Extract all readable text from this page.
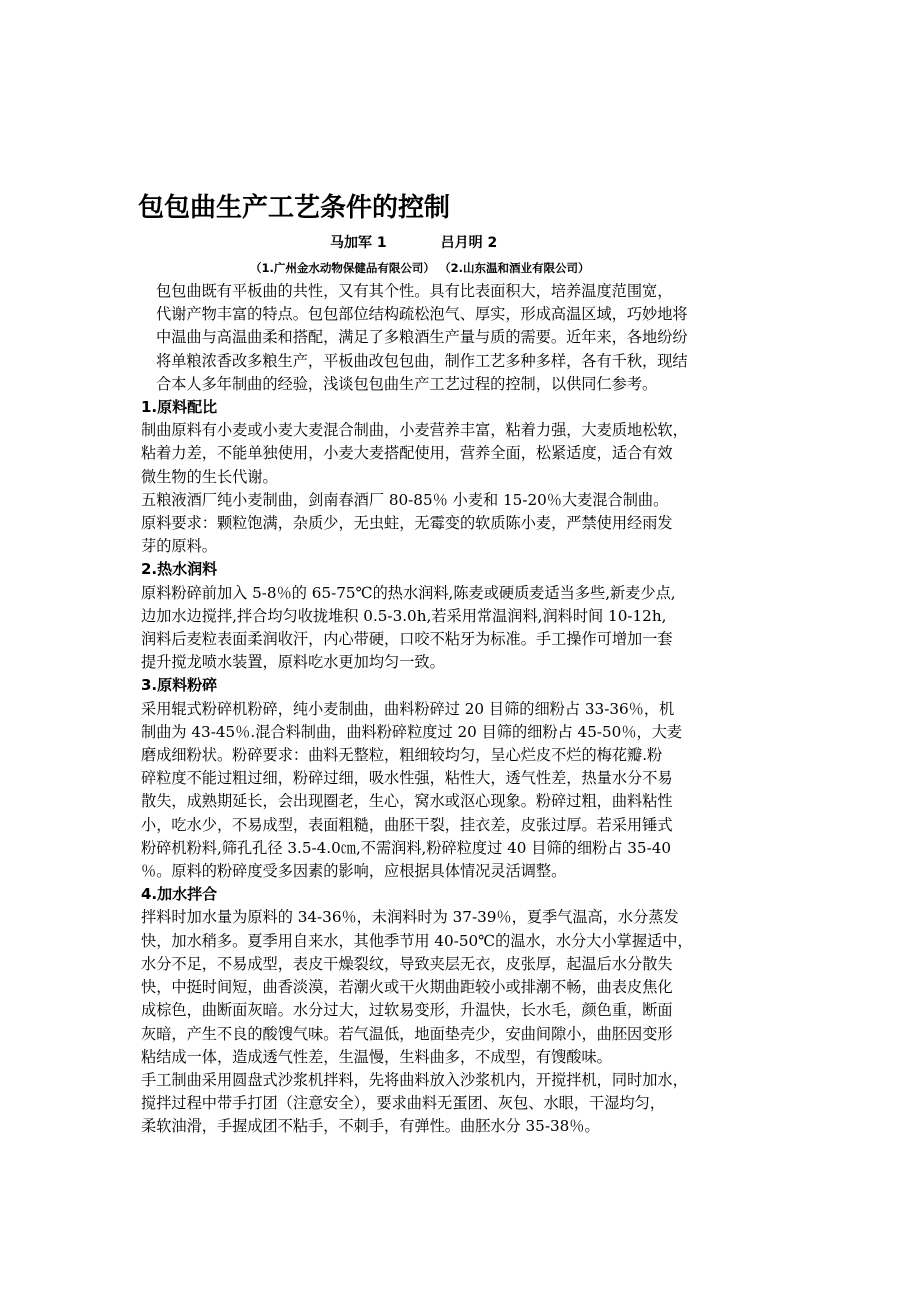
包包曲生产工艺条件的控制

马加军 1	吕月明 2

（1.广州金水动物保健品有限公司） （2.山东温和酒业有限公司）

包包曲既有平板曲的共性，又有其个性。具有比表面积大，培养温度范围宽，
代谢产物丰富的特点。包包部位结构疏松泡气、厚实，形成高温区域，巧妙地将
中温曲与高温曲柔和搭配，满足了多粮酒生产量与质的需要。近年来，各地纷纷
将单粮浓香改多粮生产，平板曲改包包曲，制作工艺多种多样，各有千秋，现结
合本人多年制曲的经验，浅谈包包曲生产工艺过程的控制，以供同仁参考。

1.原料配比

制曲原料有小麦或小麦大麦混合制曲，小麦营养丰富，粘着力强，大麦质地松软，
粘着力差，不能单独使用，小麦大麦搭配使用，营养全面，松紧适度，适合有效
微生物的生长代谢。

五粮液酒厂纯小麦制曲，剑南春酒厂 80-85％ 小麦和 15-20％大麦混合制曲。

原料要求：颗粒饱满，杂质少，无虫蛀，无霉变的软质陈小麦，严禁使用经雨发
芽的原料。

2.热水润料

原料粉碎前加入 5-8％的 65-75℃的热水润料,陈麦或硬质麦适当多些,新麦少点,
边加水边搅拌,拌合均匀收拢堆积 0.5-3.0h,若采用常温润料,润料时间 10-12h,
润料后麦粒表面柔润收汗，内心带硬，口咬不粘牙为标准。手工操作可增加一套
提升搅龙喷水装置，原料吃水更加均匀一致。

3.原料粉碎

采用辊式粉碎机粉碎，纯小麦制曲，曲料粉碎过 20 目筛的细粉占 33-36％，机
制曲为 43-45％.混合料制曲，曲料粉碎粒度过 20 目筛的细粉占 45-50％，大麦
磨成细粉状。粉碎要求：曲料无整粒，粗细较均匀，呈心烂皮不烂的梅花瓣.粉
碎粒度不能过粗过细，粉碎过细，吸水性强，粘性大，透气性差，热量水分不易
散失，成熟期延长，会出现圈老，生心，窝水或沤心现象。粉碎过粗，曲料粘性
小，吃水少，不易成型，表面粗糙，曲胚干裂，挂衣差，皮张过厚。若采用锤式
粉碎机粉料,筛孔孔径 3.5-4.0㎝,不需润料,粉碎粒度过 40 目筛的细粉占 35-40
％。原料的粉碎度受多因素的影响，应根据具体情况灵活调整。

4.加水拌合

拌料时加水量为原料的 34-36％，未润料时为 37-39％，夏季气温高，水分蒸发
快，加水稍多。夏季用自来水，其他季节用 40-50℃的温水，水分大小掌握适中，
水分不足，不易成型，表皮干燥裂纹，导致夹层无衣，皮张厚，起温后水分散失
快，中挺时间短，曲香淡漠，若潮火或干火期曲距较小或排潮不畅，曲表皮焦化
成棕色，曲断面灰暗。水分过大，过软易变形，升温快，长水毛，颜色重，断面
灰暗，产生不良的酸馊气味。若气温低，地面垫壳少，安曲间隙小，曲胚因变形
粘结成一体，造成透气性差，生温慢，生料曲多，不成型，有馊酸味。

手工制曲采用圆盘式沙浆机拌料，先将曲料放入沙浆机内，开搅拌机，同时加水，
搅拌过程中带手打团（注意安全），要求曲料无蛋团、灰包、水眼，干湿均匀，
柔软油滑，手握成团不粘手，不刺手，有弹性。曲胚水分 35-38％。
